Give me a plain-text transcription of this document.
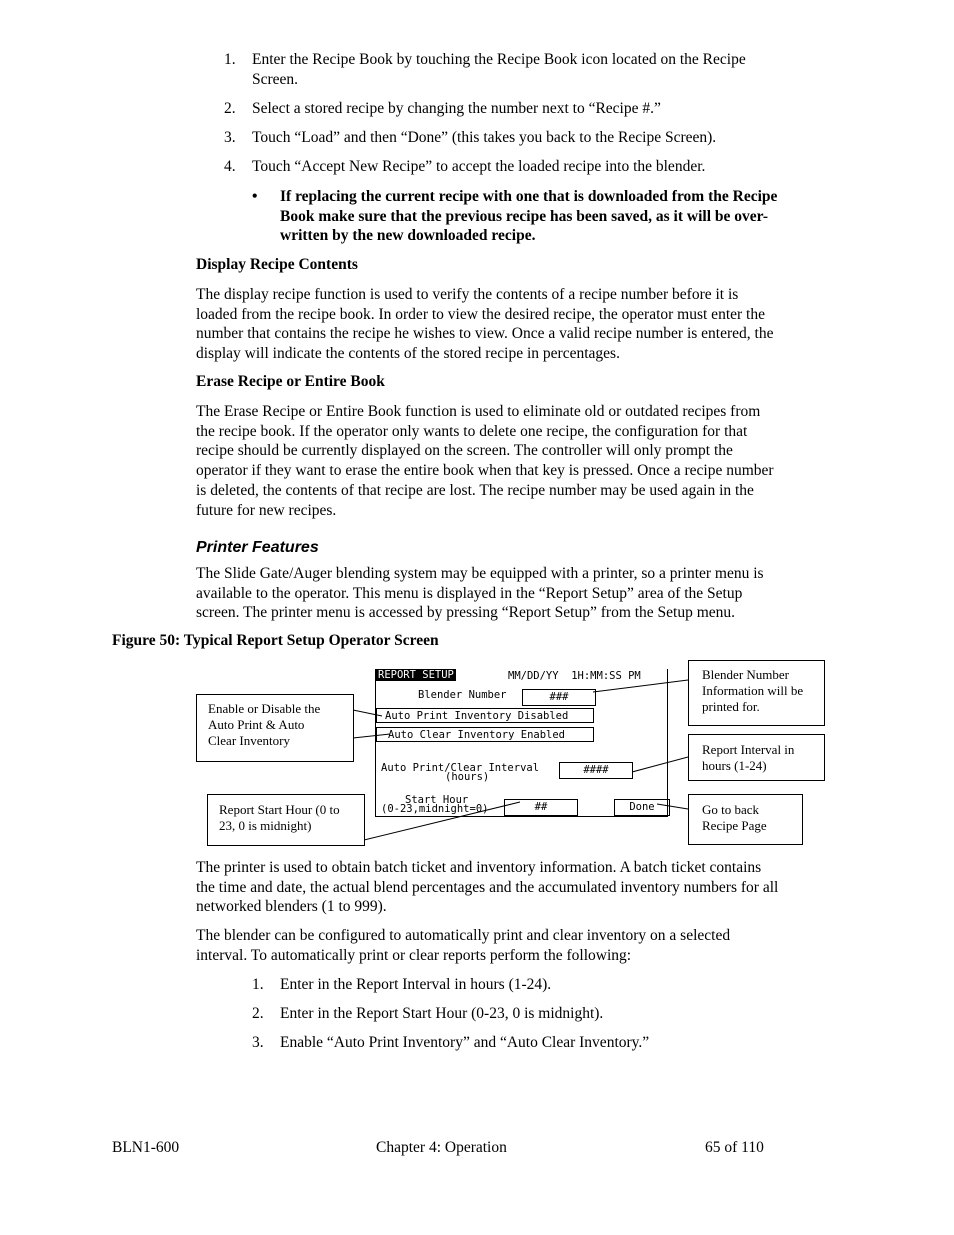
1. Enter the Recipe Book by touching the Recipe Book icon located on the Recipe
Screen.
2. Select a stored recipe by changing the number next to “Recipe #.”
3. Touch “Load” and then “Done” (this takes you back to the Recipe Screen).
4. Touch “Accept New Recipe” to accept the loaded recipe into the blender.
• If replacing the current recipe with one that is downloaded from the Recipe
Book make sure that the previous recipe has been saved, as it will be over-
written by the new downloaded recipe.
Display Recipe Contents
The display recipe function is used to verify the contents of a recipe number before it is
loaded from the recipe book. In order to view the desired recipe, the operator must enter the
number that contains the recipe he wishes to view. Once a valid recipe number is entered, the
display will indicate the contents of the stored recipe in percentages.
Erase Recipe or Entire Book
The Erase Recipe or Entire Book function is used to eliminate old or outdated recipes from
the recipe book. If the operator only wants to delete one recipe, the configuration for that
recipe should be currently displayed on the screen. The controller will only prompt the
operator if they want to erase the entire book when that key is pressed. Once a recipe number
is deleted, the contents of that recipe are lost. The recipe number may be used again in the
future for new recipes.
Printer Features
The Slide Gate/Auger blending system may be equipped with a printer, so a printer menu is
available to the operator. This menu is displayed in the “Report Setup” area of the Setup
screen. The printer menu is accessed by pressing “Report Setup” from the Setup menu.
Figure 50: Typical Report Setup Operator Screen
REPORT SETUP	MM/DD/YY  1H:MM:SS PM
Blender Number	###
Auto Print Inventory Disabled
Auto Clear Inventory Enabled
Auto Print/Clear Interval
(hours)
####
Start Hour
(0-23,midnight=0)	##	Done
Enable or Disable the
Auto Print & Auto
Clear Inventory
Report Start Hour (0 to
23, 0 is midnight)
Blender Number
Information will be
printed for.
Report Interval in
hours (1-24)
Go to back
Recipe Page
The printer is used to obtain batch ticket and inventory information. A batch ticket contains
the time and date, the actual blend percentages and the accumulated inventory numbers for all
networked blenders (1 to 999).
The blender can be configured to automatically print and clear inventory on a selected
interval. To automatically print or clear reports perform the following:
1. Enter in the Report Interval in hours (1-24).
2. Enter in the Report Start Hour (0-23, 0 is midnight).
3. Enable “Auto Print Inventory” and “Auto Clear Inventory.”
BLN1-600	Chapter 4: Operation	65 of 110
